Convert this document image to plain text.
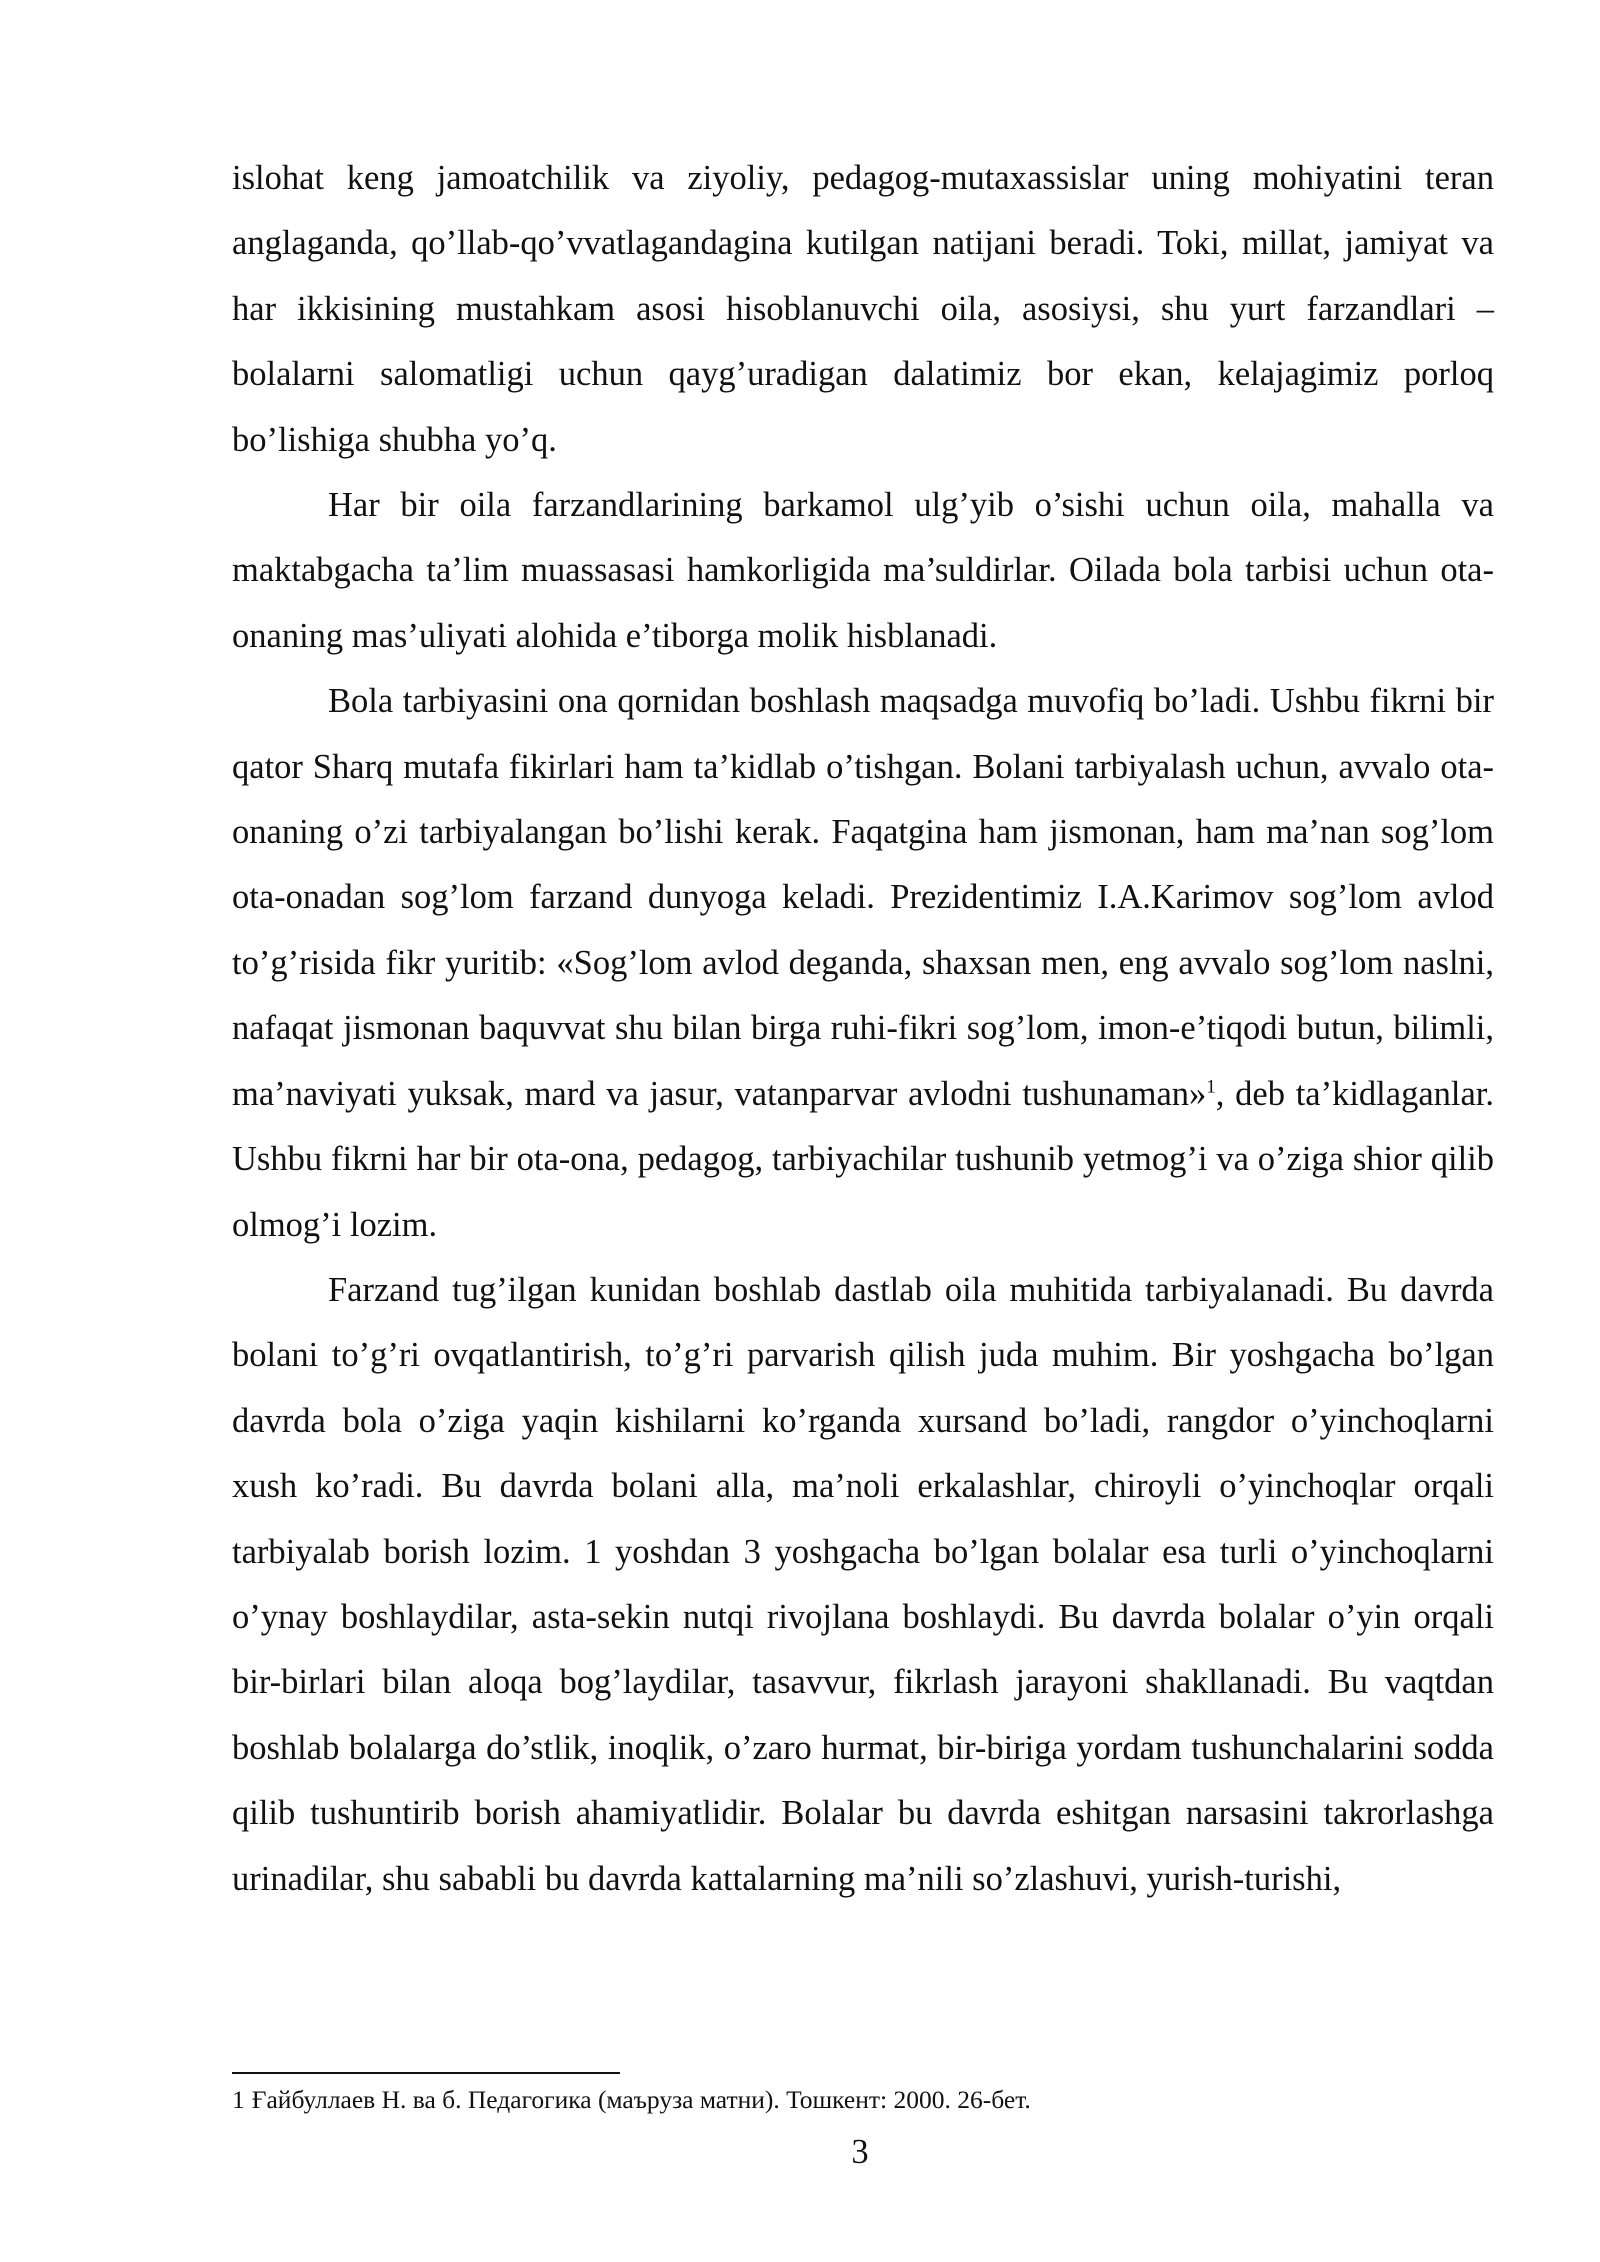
islohat keng jamoatchilik va ziyoliy, pedagog-mutaxassislar uning mohiyatini teran anglaganda, qo’llab-qo’vvatlagandagina kutilgan natijani beradi. Toki, millat, jamiyat va har ikkisining mustahkam asosi hisoblanuvchi oila, asosiysi, shu yurt farzandlari – bolalarni salomatligi uchun qayg’uradigan dalatimiz bor ekan, kelajagimiz porloq bo’lishiga shubha yo’q.

Har bir oila farzandlarining barkamol ulg’yib o’sishi uchun oila, mahalla va maktabgacha ta’lim muassasasi hamkorligida ma’suldirlar. Oilada bola tarbisi uchun ota-onaning mas’uliyati alohida e’tiborga molik hisblanadi.

Bola tarbiyasini ona qornidan boshlash maqsadga muvofiq bo’ladi. Ushbu fikrni bir qator Sharq mutafa fikirlari ham ta’kidlab o’tishgan. Bolani tarbiyalash uchun, avvalo ota-onaning o’zi tarbiyalangan bo’lishi kerak. Faqatgina ham jismonan, ham ma’nan sog’lom ota-onadan sog’lom farzand dunyoga keladi. Prezidentimiz I.A.Karimov sog’lom avlod to’g’risida fikr yuritib: «Sog’lom avlod deganda, shaxsan men, eng avvalo sog’lom naslni, nafaqat jismonan baquvvat shu bilan birga ruhi-fikri sog’lom, imon-e’tiqodi butun, bilimli, ma’naviyati yuksak, mard va jasur, vatanparvar avlodni tushunaman»$^1$, deb ta’kidlaganlar. Ushbu fikrni har bir ota-ona, pedagog, tarbiyachilar tushunib yetmog’i va o’ziga shior qilib olmog’i lozim.

Farzand tug’ilgan kunidan boshlab dastlab oila muhitida tarbiyalanadi. Bu davrda bolani to’g’ri ovqatlantirish, to’g’ri parvarish qilish juda muhim. Bir yoshgacha bo’lgan davrda bola o’ziga yaqin kishilarni ko’rganda xursand bo’ladi, rangdor o’yinchoqlarni xush ko’radi. Bu davrda bolani alla, ma’noli erkalashlar, chiroyli o’yinchoqlar orqali tarbiyalab borish lozim. 1 yoshdan 3 yoshgacha bo’lgan bolalar esa turli o’yinchoqlarni o’ynay boshlaydilar, asta-sekin nutqi rivojlana boshlaydi. Bu davrda bolalar o’yin orqali bir-birlari bilan aloqa bog’laydilar, tasavvur, fikrlash jarayoni shakllanadi. Bu vaqtdan boshlab bolalarga do’stlik, inoqlik, o’zaro hurmat, bir-biriga yordam tushunchalarini sodda qilib tushuntirib borish ahamiyatlidir. Bolalar bu davrda eshitgan narsasini takrorlashga urinadilar, shu sababli bu davrda kattalarning ma’nili so’zlashuvi, yurish-turishi,

1 Ғайбуллаев Н. ва б. Педагогика (маъруза матни). Тошкент: 2000. 26-бет.
3
